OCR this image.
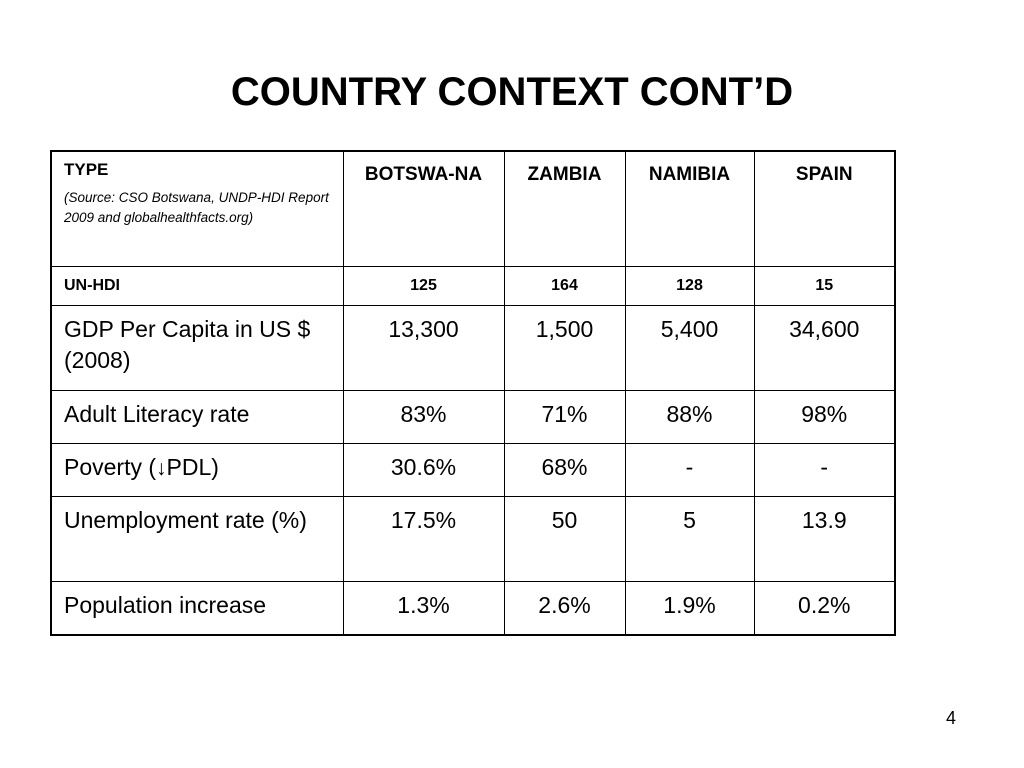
COUNTRY CONTEXT CONT’D
TYPE
(Source: CSO Botswana, UNDP-HDI Report 2009 and globalhealthfacts.org)	BOTSWA-NA	ZAMBIA	NAMIBIA	SPAIN
UN-HDI	125	164	128	15
GDP Per Capita in US $ (2008)	13,300	1,500	5,400	34,600
Adult Literacy rate	83%	71%	88%	98%
Poverty (↓PDL)	30.6%	68%	-	-
Unemployment rate (%)	17.5%	50	5	13.9
Population increase	1.3%	2.6%	1.9%	0.2%
4
